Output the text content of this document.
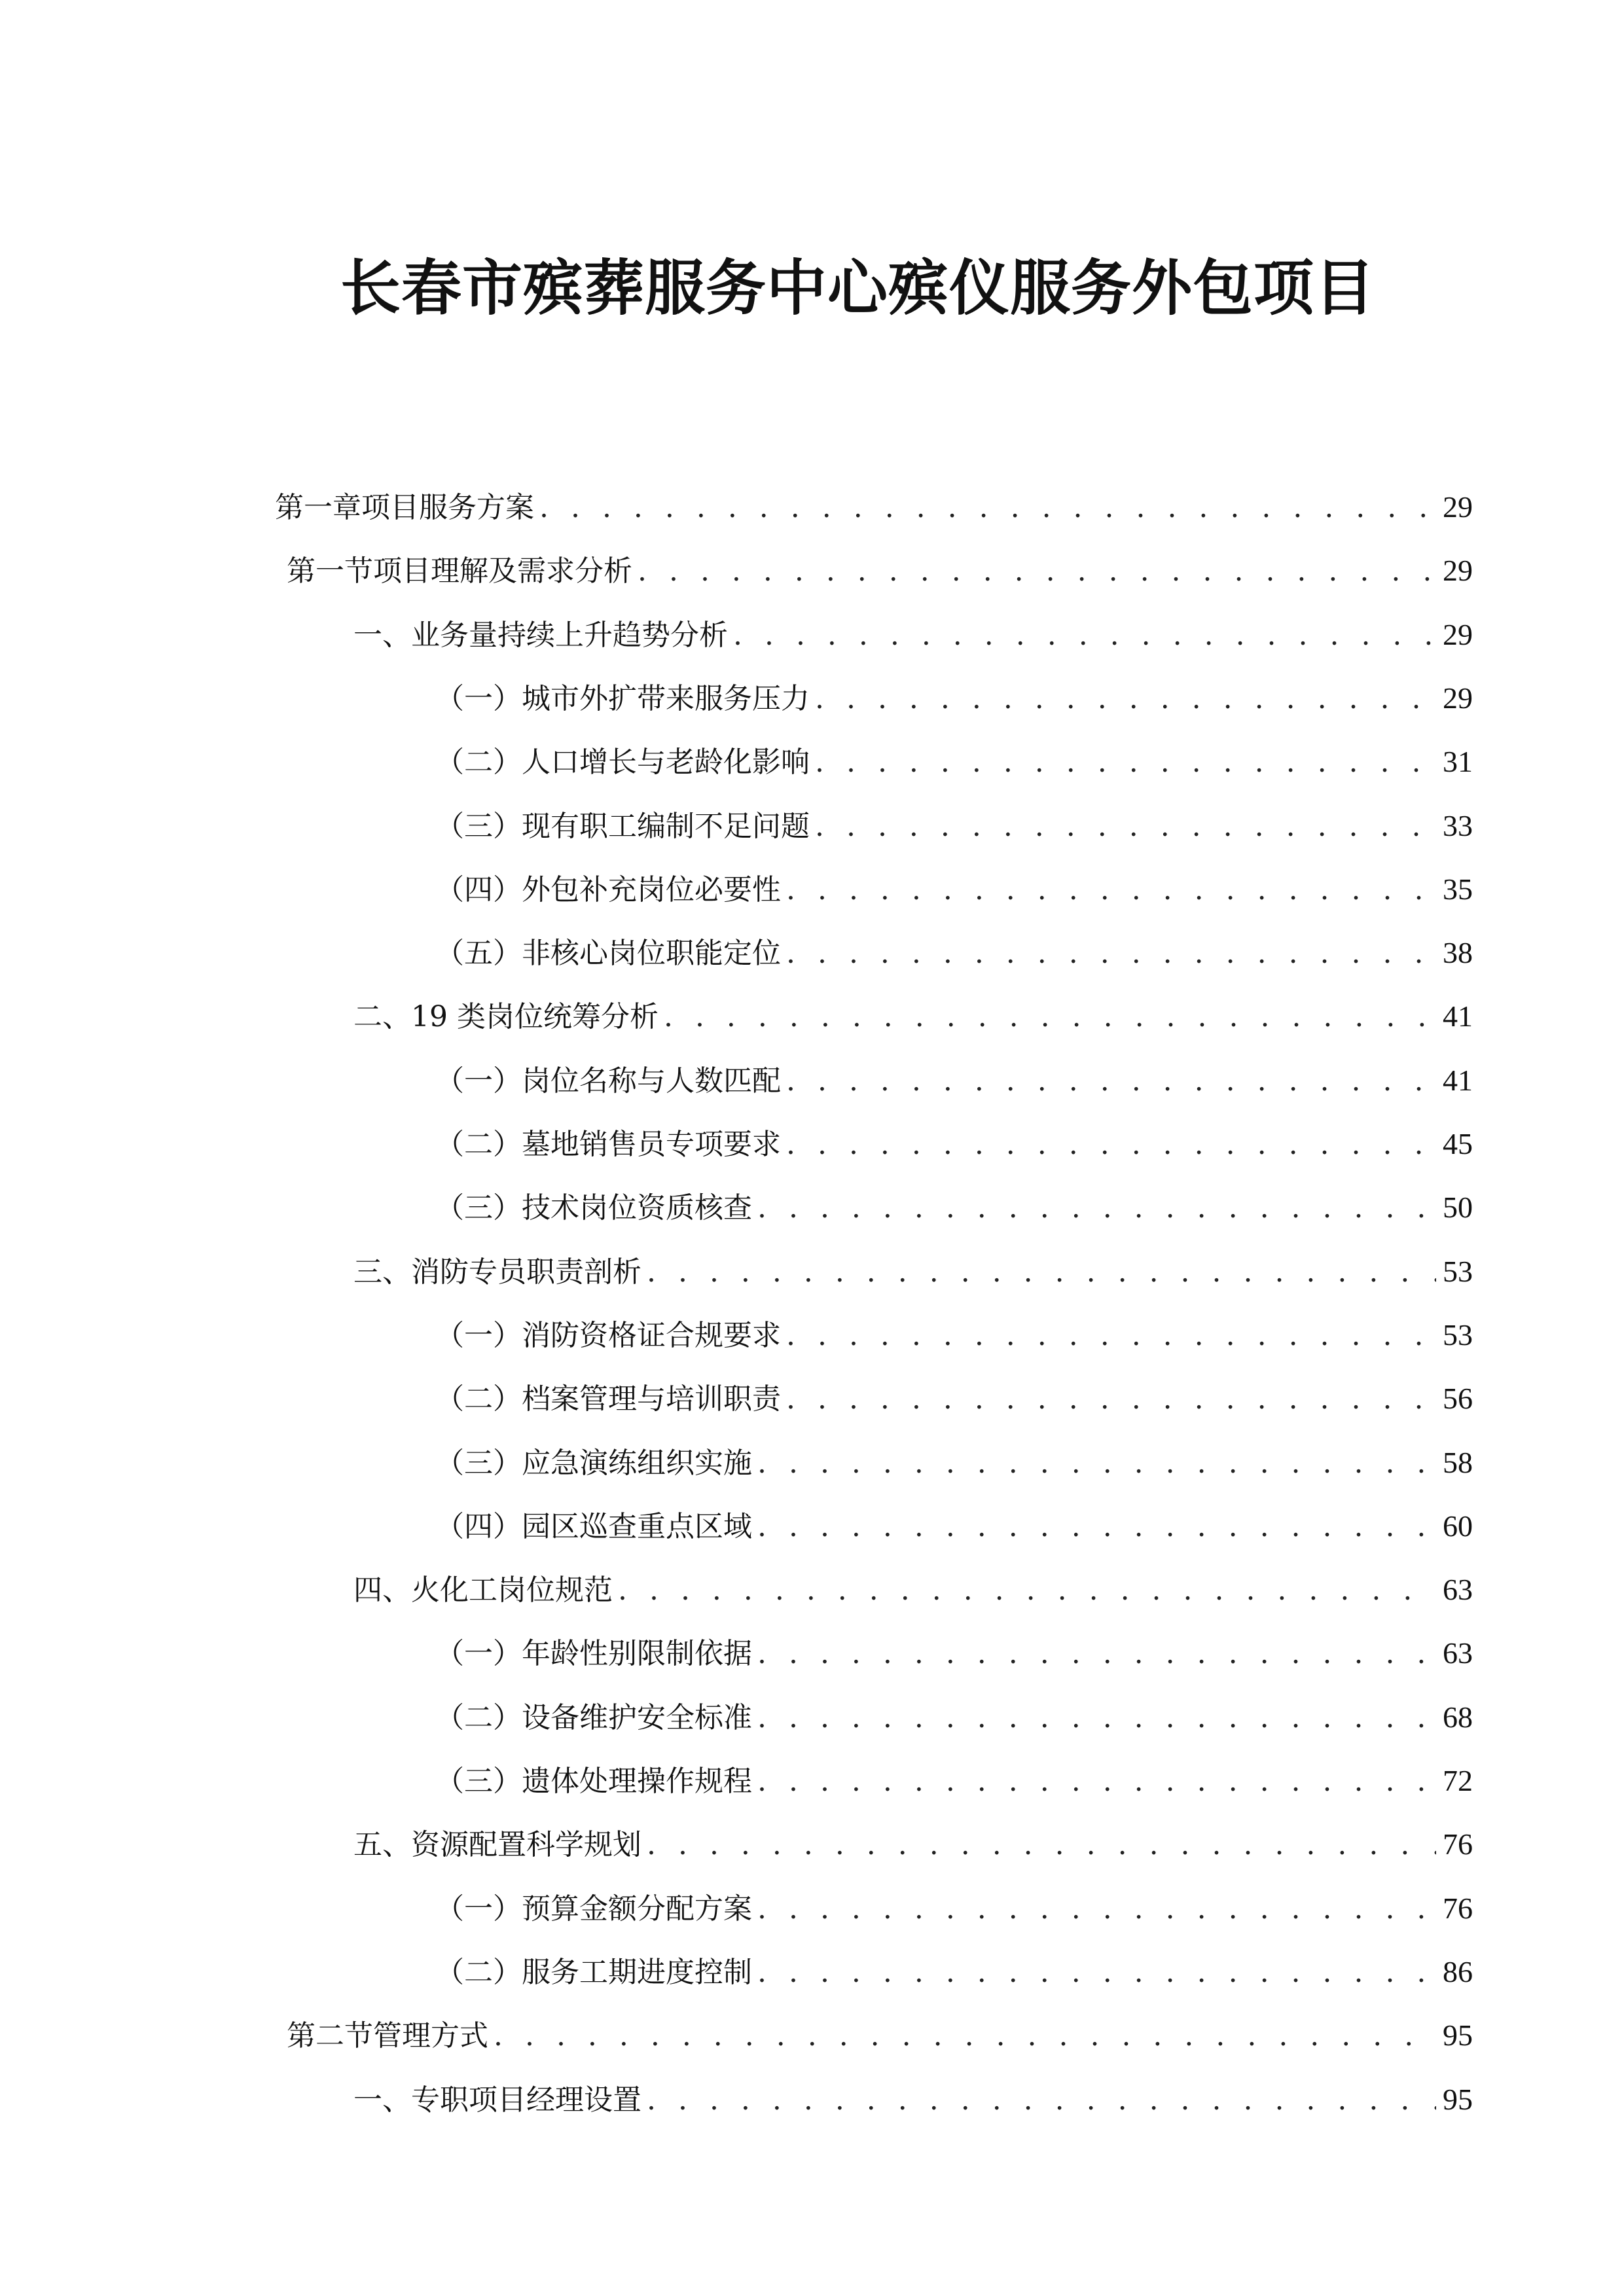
长春市殡葬服务中心殡仪服务外包项目
第一章 项目服务方案 . . .	29
第一节 项目理解及需求分析 . . .	29
一、 业务量持续上升趋势分析 . . .	29
（一） 城市外扩带来服务压力 . . .	29
（二） 人口增长与老龄化影响 . . .	31
（三） 现有职工编制不足问题 . . .	33
（四） 外包补充岗位必要性 . . .	35
（五） 非核心岗位职能定位 . . .	38
二、 19 类岗位统筹分析 . . .	41
（一） 岗位名称与人数匹配 . . .	41
（二） 墓地销售员专项要求 . . .	45
（三） 技术岗位资质核查 . . .	50
三、 消防专员职责剖析 . . .	53
（一） 消防资格证合规要求 . . .	53
（二） 档案管理与培训职责 . . .	56
（三） 应急演练组织实施 . . .	58
（四） 园区巡查重点区域 . . .	60
四、 火化工岗位规范 . . .	63
（一） 年龄性别限制依据 . . .	63
（二） 设备维护安全标准 . . .	68
（三） 遗体处理操作规程 . . .	72
五、 资源配置科学规划 . . .	76
（一） 预算金额分配方案 . . .	76
（二） 服务工期进度控制 . . .	86
第二节 管理方式 . . .	95
一、 专职项目经理设置 . . .	95
